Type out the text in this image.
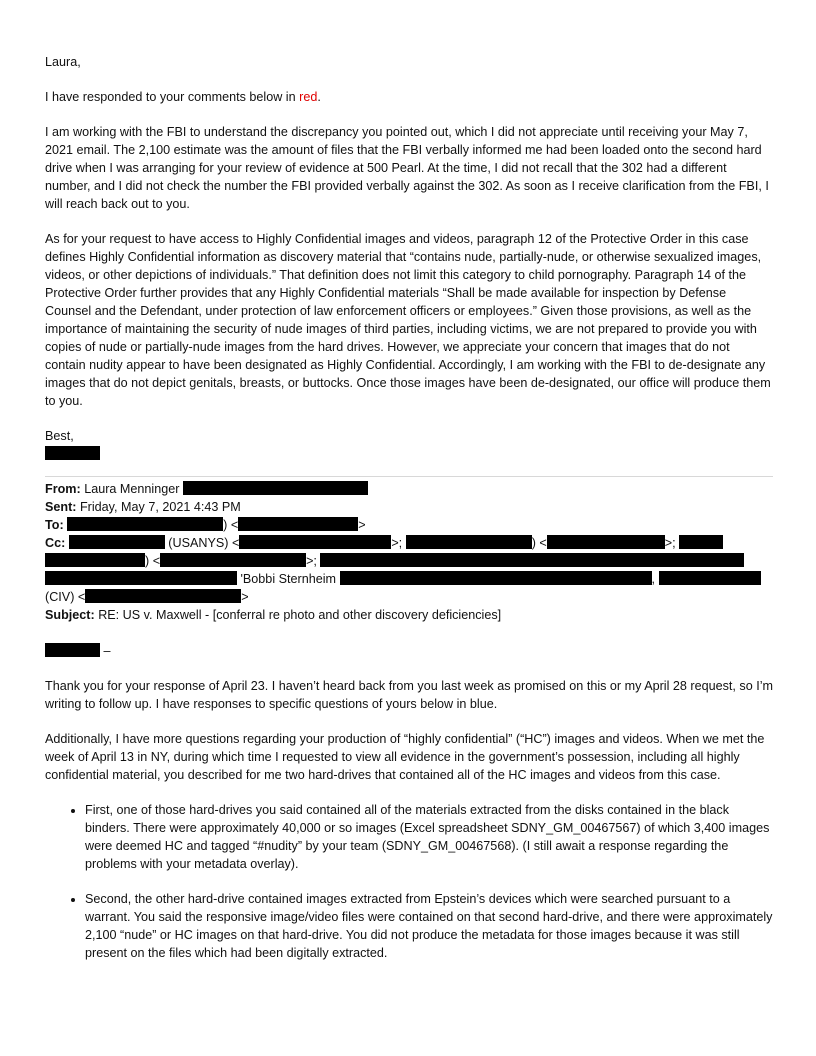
Laura,

I have responded to your comments below in red.

I am working with the FBI to understand the discrepancy you pointed out, which I did not appreciate until receiving your May 7, 2021 email. The 2,100 estimate was the amount of files that the FBI verbally informed me had been loaded onto the second hard drive when I was arranging for your review of evidence at 500 Pearl. At the time, I did not recall that the 302 had a different number, and I did not check the number the FBI provided verbally against the 302. As soon as I receive clarification from the FBI, I will reach back out to you.

As for your request to have access to Highly Confidential images and videos, paragraph 12 of the Protective Order in this case defines Highly Confidential information as discovery material that “contains nude, partially-nude, or otherwise sexualized images, videos, or other depictions of individuals.” That definition does not limit this category to child pornography. Paragraph 14 of the Protective Order further provides that any Highly Confidential materials “Shall be made available for inspection by Defense Counsel and the Defendant, under protection of law enforcement officers or employees.” Given those provisions, as well as the importance of maintaining the security of nude images of third parties, including victims, we are not prepared to provide you with copies of nude or partially-nude images from the hard drives. However, we appreciate your concern that images that do not contain nudity appear to have been designated as Highly Confidential. Accordingly, I am working with the FBI to de-designate any images that do not depict genitals, breasts, or buttocks. Once those images have been de-designated, our office will produce them to you.

Best,

From: Laura Menninger
Sent: Friday, May 7, 2021 4:43 PM
To:	) <	>
Cc:	(USANYS) <	>;	) <	>;
) <	>;
'Bobbi Sternheim	,
(CIV) <	>
Subject: RE: US v. Maxwell - [conferral re photo and other discovery deficiencies]

–

Thank you for your response of April 23. I haven’t heard back from you last week as promised on this or my April 28 request, so I’m writing to follow up. I have responses to specific questions of yours below in blue.

Additionally, I have more questions regarding your production of “highly confidential” (“HC”) images and videos. When we met the week of April 13 in NY, during which time I requested to view all evidence in the government’s possession, including all highly confidential material, you described for me two hard-drives that contained all of the HC images and videos from this case.

• First, one of those hard-drives you said contained all of the materials extracted from the disks contained in the black binders. There were approximately 40,000 or so images (Excel spreadsheet SDNY_GM_00467567) of which 3,400 images were deemed HC and tagged “#nudity” by your team (SDNY_GM_00467568). (I still await a response regarding the problems with your metadata overlay).
• Second, the other hard-drive contained images extracted from Epstein’s devices which were searched pursuant to a warrant. You said the responsive image/video files were contained on that second hard-drive, and there were approximately 2,100 “nude” or HC images on that hard-drive. You did not produce the metadata for those images because it was still present on the files which had been digitally extracted.
